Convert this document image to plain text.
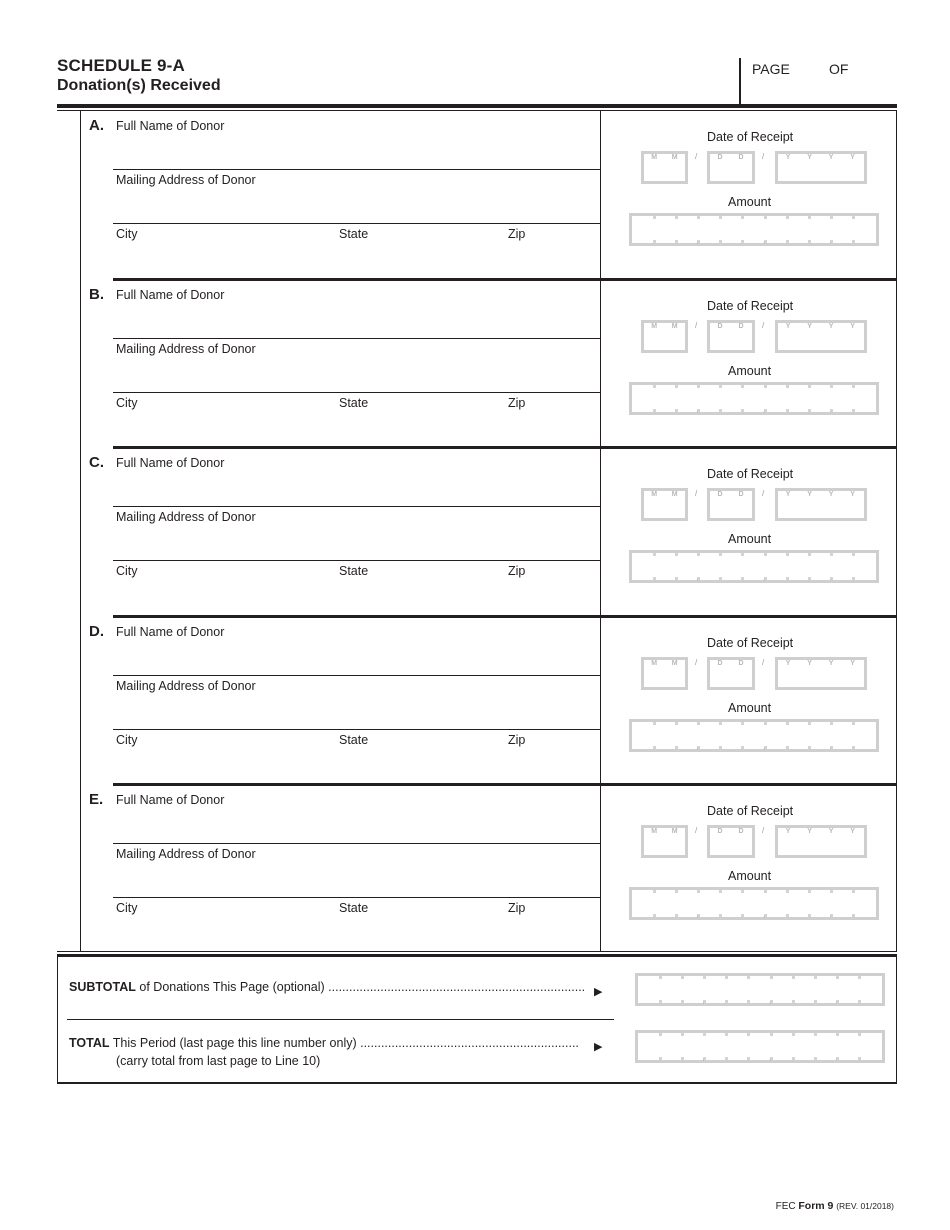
SCHEDULE 9-A
Donation(s) Received
PAGE	OF
A. Full Name of Donor
Mailing Address of Donor
City	State	Zip
Date of Receipt
Amount
M M /	D D /	Y Y Y Y
,	,	.
B. Full Name of Donor
Mailing Address of Donor
City	State	Zip
Date of Receipt
Amount
M M /	D D /	Y Y Y Y
,	,	.
C. Full Name of Donor
Mailing Address of Donor
City	State	Zip
Date of Receipt
Amount
M M /	D D /	Y Y Y Y
,	,	.
D. Full Name of Donor
Mailing Address of Donor
City	State	Zip
Date of Receipt
Amount
M M /	D D /	Y Y Y Y
,	,	.
E. Full Name of Donor
Mailing Address of Donor
City	State	Zip
Date of Receipt
Amount
M M /	D D /	Y Y Y Y
,	,	.
SUBTOTAL of Donations This Page (optional) .......................................................................... ▶
TOTAL This Period (last page this line number only) ...............................................................
(carry total from last page to Line 10)
▶
,	,	.
,	,	.
FEC Form 9 (REV. 01/2018)
